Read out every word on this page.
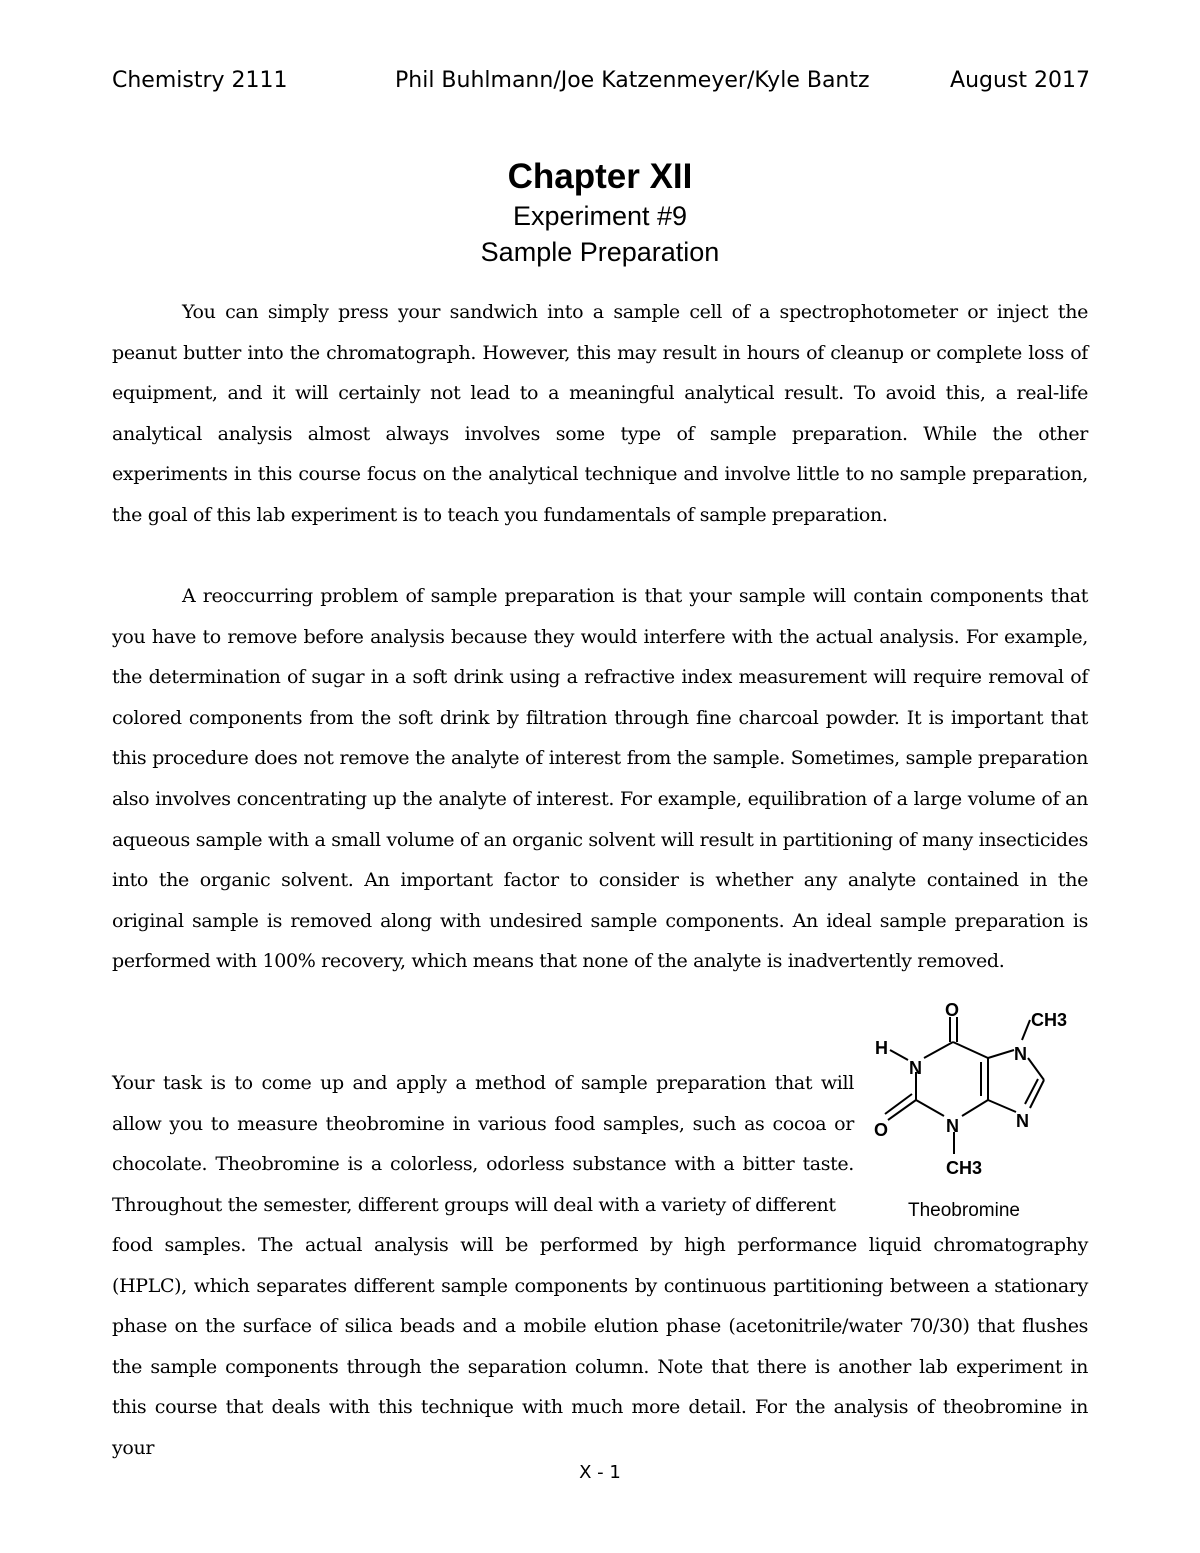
Chemistry 2111	Phil Buhlmann/Joe Katzenmeyer/Kyle Bantz	August 2017
Chapter XII
Experiment #9
Sample Preparation

You can simply press your sandwich into a sample cell of a spectrophotometer or inject the peanut butter into the chromatograph. However, this may result in hours of cleanup or complete loss of equipment, and it will certainly not lead to a meaningful analytical result. To avoid this, a real-life analytical analysis almost always involves some type of sample preparation. While the other experiments in this course focus on the analytical technique and involve little to no sample preparation, the goal of this lab experiment is to teach you fundamentals of sample preparation.

A reoccurring problem of sample preparation is that your sample will contain components that you have to remove before analysis because they would interfere with the actual analysis. For example, the determination of sugar in a soft drink using a refractive index measurement will require removal of colored components from the soft drink by filtration through fine charcoal powder. It is important that this procedure does not remove the analyte of interest from the sample. Sometimes, sample preparation also involves concentrating up the analyte of interest. For example, equilibration of a large volume of an aqueous sample with a small volume of an organic solvent will result in partitioning of many insecticides into the organic solvent. An important factor to consider is whether any analyte contained in the original sample is removed along with undesired sample components. An ideal sample preparation is performed with 100% recovery, which means that none of the analyte is inadvertently removed.

Your task is to come up and apply a method of sample preparation that will allow you to measure theobromine in various food samples, such as cocoa or chocolate. Theobromine is a colorless, odorless substance with a bitter taste. Throughout the semester, different groups will deal with a variety of different

food samples. The actual analysis will be performed by high performance liquid chromatography (HPLC), which separates different sample components by continuous partitioning between a stationary phase on the surface of silica beads and a mobile elution phase (acetonitrile/water 70/30) that flushes the sample components through the separation column. Note that there is another lab experiment in this course that deals with this technique with much more detail. For the analysis of theobromine in your

O	CH3
H
N
N
O	N	N
CH3
Theobromine
X - 1
